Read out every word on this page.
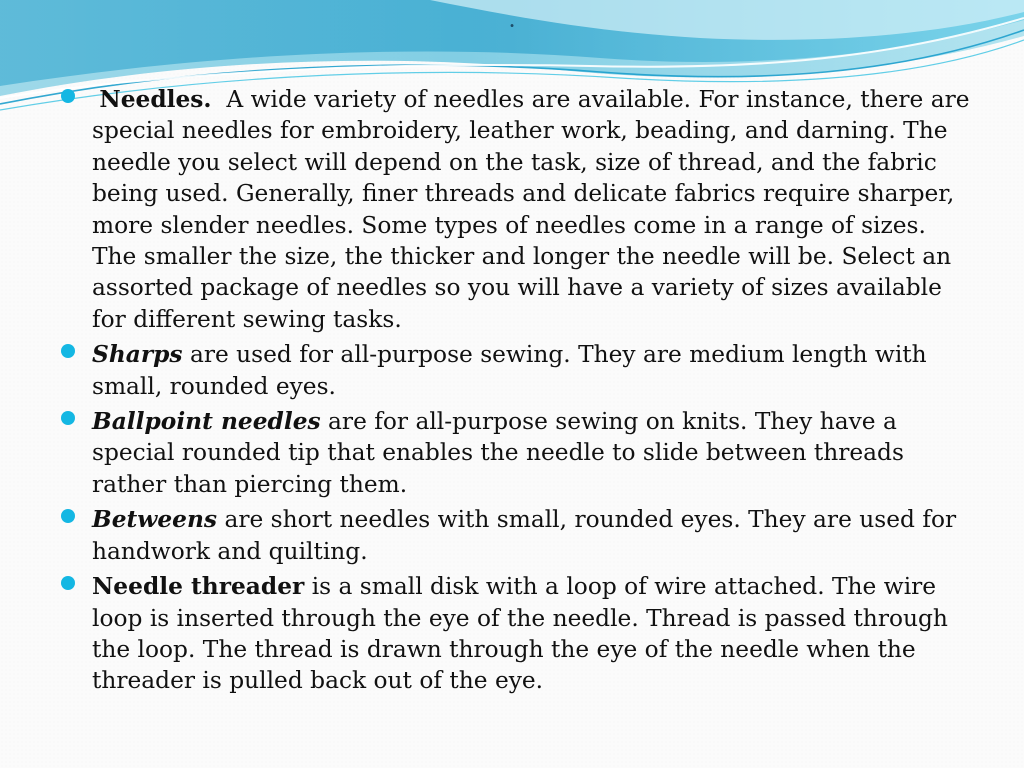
.
Needles. A wide variety of needles are available. For instance, there are special needles for embroidery, leather work, beading, and darning. The needle you select will depend on the task, size of thread, and the fabric being used. Generally, finer threads and delicate fabrics require sharper, more slender needles. Some types of needles come in a range of sizes. The smaller the size, the thicker and longer the needle will be. Select an assorted package of needles so you will have a variety of sizes available for different sewing tasks.
Sharps are used for all-purpose sewing. They are medium length with small, rounded eyes.
Ballpoint needles are for all-purpose sewing on knits. They have a special rounded tip that enables the needle to slide between threads rather than piercing them.
Betweens are short needles with small, rounded eyes. They are used for handwork and quilting.
Needle threader is a small disk with a loop of wire attached. The wire loop is inserted through the eye of the needle. Thread is passed through the loop. The thread is drawn through the eye of the needle when the threader is pulled back out of the eye.
